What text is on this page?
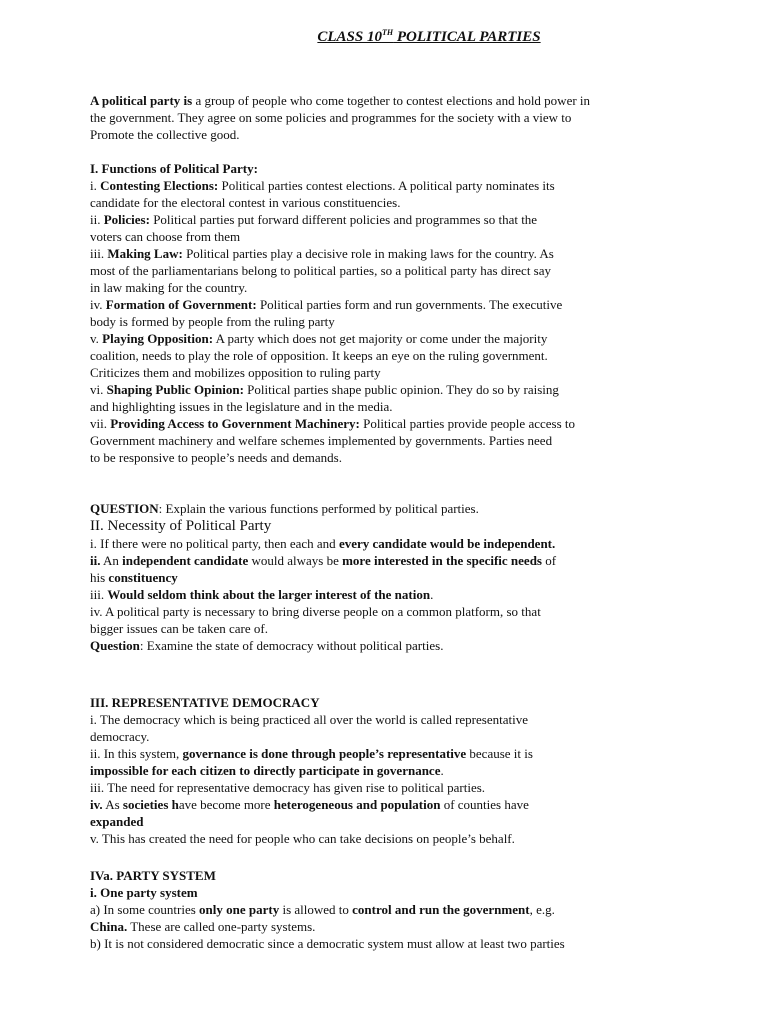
CLASS 10TH POLITICAL PARTIES
A political party is a group of people who come together to contest elections and hold power in
the government. They agree on some policies and programmes for the society with a view to
Promote the collective good.
I. Functions of Political Party:
i. Contesting Elections: Political parties contest elections. A political party nominates its
candidate for the electoral contest in various constituencies.
ii. Policies: Political parties put forward different policies and programmes so that the
voters can choose from them
iii. Making Law: Political parties play a decisive role in making laws for the country. As
most of the parliamentarians belong to political parties, so a political party has direct say
in law making for the country.
iv. Formation of Government: Political parties form and run governments. The executive
body is formed by people from the ruling party
v. Playing Opposition: A party which does not get majority or come under the majority
coalition, needs to play the role of opposition. It keeps an eye on the ruling government.
Criticizes them and mobilizes opposition to ruling party
vi. Shaping Public Opinion: Political parties shape public opinion. They do so by raising
and highlighting issues in the legislature and in the media.
vii. Providing Access to Government Machinery: Political parties provide people access to
Government machinery and welfare schemes implemented by governments. Parties need
to be responsive to people’s needs and demands.
QUESTION: Explain the various functions performed by political parties.
II. Necessity of Political Party
i. If there were no political party, then each and every candidate would be independent.
ii. An independent candidate would always be more interested in the specific needs of
his constituency
iii. Would seldom think about the larger interest of the nation.
iv. A political party is necessary to bring diverse people on a common platform, so that
bigger issues can be taken care of.
Question: Examine the state of democracy without political parties.
III. REPRESENTATIVE DEMOCRACY
i. The democracy which is being practiced all over the world is called representative
democracy.
ii. In this system, governance is done through people’s representative because it is
impossible for each citizen to directly participate in governance.
iii. The need for representative democracy has given rise to political parties.
iv. As societies have become more heterogeneous and population of counties have
expanded
v. This has created the need for people who can take decisions on people’s behalf.
IVa. PARTY SYSTEM
i. One party system
a) In some countries only one party is allowed to control and run the government, e.g.
China. These are called one-party systems.
b) It is not considered democratic since a democratic system must allow at least two parties
